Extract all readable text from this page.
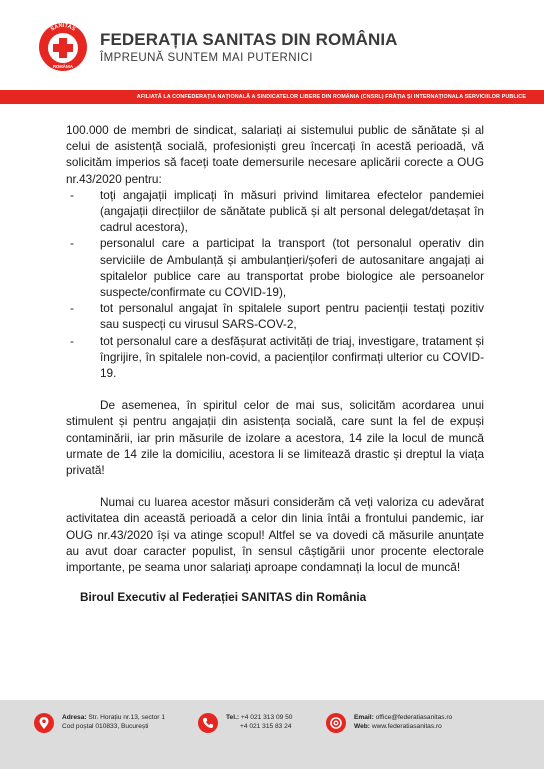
SANITAS
ROMÂNIA
FEDERAȚIA SANITAS DIN ROMÂNIA
ÎMPREUNĂ SUNTEM MAI PUTERNICI
AFILIATĂ LA CONFEDERAȚIA NAȚIONALĂ A SINDICATELOR LIBERE DIN ROMÂNIA (CNSRL) FRĂȚIA ȘI INTERNAȚIONALA SERVICIILOR PUBLICE

100.000 de membri de sindicat, salariați ai sistemului public de sănătate și al celui de asistență socială, profesioniști greu încercați în acestă perioadă, vă solicităm imperios să faceți toate demersurile necesare aplicării corecte a OUG nr.43/2020 pentru:

- toți angajații implicați în măsuri privind limitarea efectelor pandemiei (angajații direcțiilor de sănătate publică și alt personal delegat/detașat în cadrul acestora),
- personalul care a participat la transport (tot personalul operativ din serviciile de Ambulanță și ambulanțieri/șoferi de autosanitare angajați ai spitalelor publice care au transportat probe biologice ale persoanelor suspecte/confirmate cu COVID-19),
- tot personalul angajat în spitalele suport pentru pacienții testați pozitiv sau suspecți cu virusul SARS-COV-2,
- tot personalul care a desfășurat activități de triaj, investigare, tratament și îngrijire, în spitalele non-covid, a pacienților confirmați ulterior cu COVID-19.

De asemenea, în spiritul celor de mai sus, solicităm acordarea unui stimulent și pentru angajații din asistența socială, care sunt la fel de expuși contaminării, iar prin măsurile de izolare a acestora, 14 zile la locul de muncă urmate de 14 zile la domiciliu, acestora li se limitează drastic și dreptul la viața privată!

Numai cu luarea acestor măsuri considerăm că veți valoriza cu adevărat activitatea din această perioadă a celor din linia întâi a frontului pandemic, iar OUG nr.43/2020 își va atinge scopul! Altfel se va dovedi că măsurile anunțate au avut doar caracter populist, în sensul câștigării unor procente electorale importante, pe seama unor salariați aproape condamnați la locul de muncă!

Biroul Executiv al Federației SANITAS din România

Adresa: Str. Horațiu nr.13, sector 1
Cod poștal 010833, București
Tel.: +4 021 313 09 50
+4 021 315 83 24
Email: office@federatiasanitas.ro
Web: www.federatiasanitas.ro
